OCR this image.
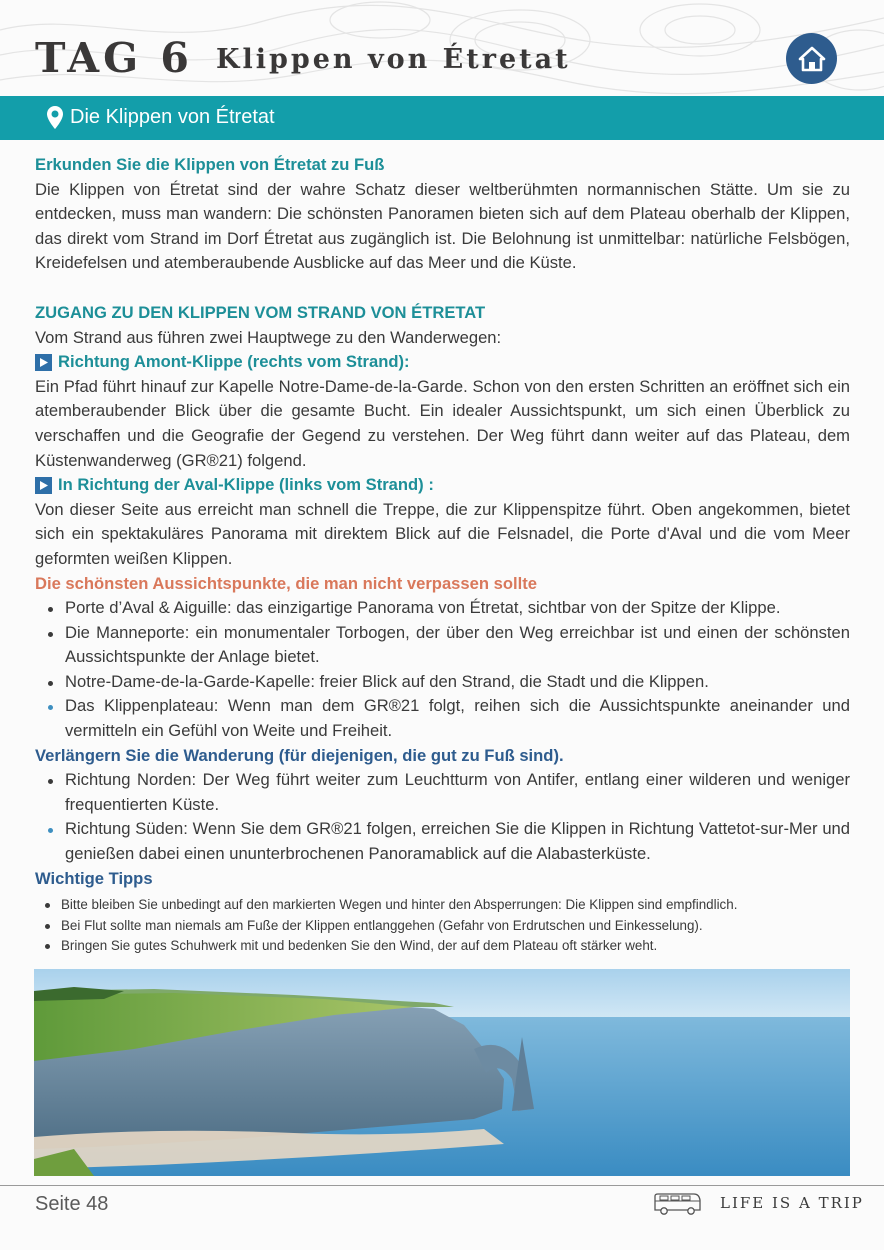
TAG 6 Klippen von Étretat
Die Klippen von Étretat

Erkunden Sie die Klippen von Étretat zu Fuß

Die Klippen von Étretat sind der wahre Schatz dieser weltberühmten normannischen Stätte. Um sie zu entdecken, muss man wandern: Die schönsten Panoramen bieten sich auf dem Plateau oberhalb der Klippen, das direkt vom Strand im Dorf Étretat aus zugänglich ist. Die Belohnung ist unmittelbar: natürliche Felsbögen, Kreidefelsen und atemberaubende Ausblicke auf das Meer und die Küste.

ZUGANG ZU DEN KLIPPEN VOM STRAND VON ÉTRETAT

Vom Strand aus führen zwei Hauptwege zu den Wanderwegen:

Richtung Amont-Klippe (rechts vom Strand):

Ein Pfad führt hinauf zur Kapelle Notre-Dame-de-la-Garde. Schon von den ersten Schritten an eröffnet sich ein atemberaubender Blick über die gesamte Bucht. Ein idealer Aussichtspunkt, um sich einen Überblick zu verschaffen und die Geografie der Gegend zu verstehen. Der Weg führt dann weiter auf das Plateau, dem Küstenwanderweg (GR®21) folgend.

In Richtung der Aval-Klippe (links vom Strand) :

Von dieser Seite aus erreicht man schnell die Treppe, die zur Klippenspitze führt. Oben angekommen, bietet sich ein spektakuläres Panorama mit direktem Blick auf die Felsnadel, die Porte d'Aval und die vom Meer geformten weißen Klippen.

Die schönsten Aussichtspunkte, die man nicht verpassen sollte

Porte d’Aval & Aiguille: das einzigartige Panorama von Étretat, sichtbar von der Spitze der Klippe.
Die Manneporte: ein monumentaler Torbogen, der über den Weg erreichbar ist und einen der schönsten Aussichtspunkte der Anlage bietet.
Notre-Dame-de-la-Garde-Kapelle: freier Blick auf den Strand, die Stadt und die Klippen.
Das Klippenplateau: Wenn man dem GR®21 folgt, reihen sich die Aussichtspunkte aneinander und vermitteln ein Gefühl von Weite und Freiheit.

Verlängern Sie die Wanderung (für diejenigen, die gut zu Fuß sind).

Richtung Norden: Der Weg führt weiter zum Leuchtturm von Antifer, entlang einer wilderen und weniger frequentierten Küste.
Richtung Süden: Wenn Sie dem GR®21 folgen, erreichen Sie die Klippen in Richtung Vattetot-sur-Mer und genießen dabei einen ununterbrochenen Panoramablick auf die Alabasterküste.

Wichtige Tipps

Bitte bleiben Sie unbedingt auf den markierten Wegen und hinter den Absperrungen: Die Klippen sind empfindlich.
Bei Flut sollte man niemals am Fuße der Klippen entlanggehen (Gefahr von Erdrutschen und Einkesselung).
Bringen Sie gutes Schuhwerk mit und bedenken Sie den Wind, der auf dem Plateau oft stärker weht.
Seite 48	LIFE IS A TRIP
